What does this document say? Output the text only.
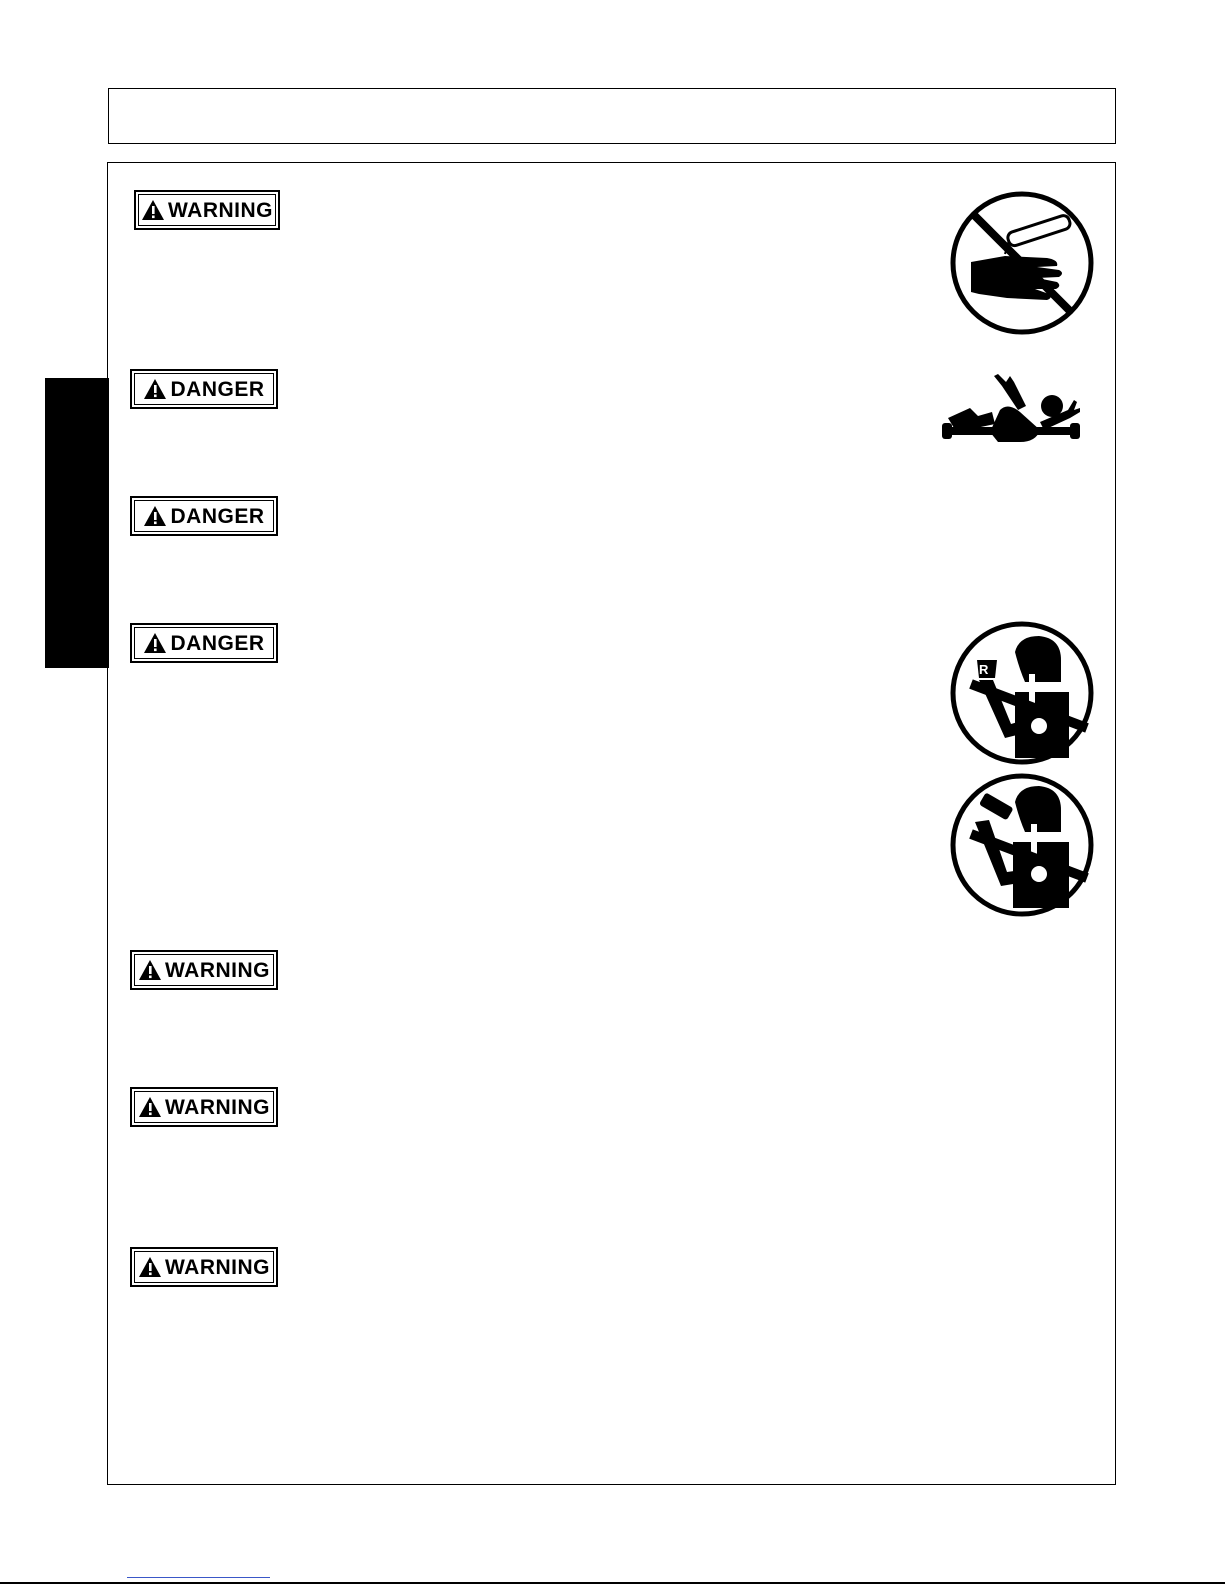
WARNING
DANGER
DANGER
DANGER
WARNING
WARNING
WARNING
R
